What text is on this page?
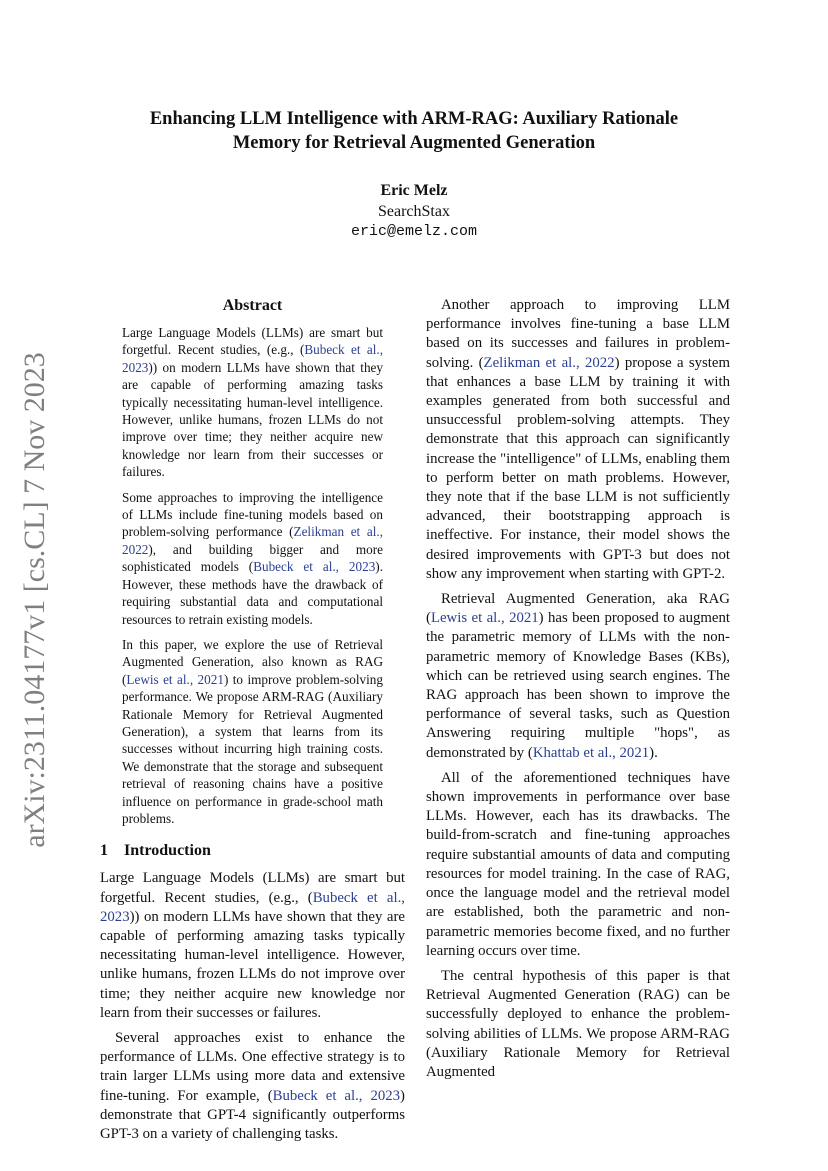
Enhancing LLM Intelligence with ARM-RAG: Auxiliary Rationale
Memory for Retrieval Augmented Generation
Eric Melz
SearchStax
eric@emelz.com
arXiv:2311.04177v1 [cs.CL] 7 Nov 2023
Abstract

Large Language Models (LLMs) are smart but forgetful. Recent studies, (e.g., (Bubeck et al., 2023)) on modern LLMs have shown that they are capable of performing amazing tasks typically necessitating human-level intelligence. However, unlike humans, frozen LLMs do not improve over time; they neither acquire new knowledge nor learn from their successes or failures.

Some approaches to improving the intelligence of LLMs include fine-tuning models based on problem-solving performance (Zelikman et al., 2022), and building bigger and more sophisticated models (Bubeck et al., 2023). However, these methods have the drawback of requiring substantial data and computational resources to retrain existing models.

In this paper, we explore the use of Retrieval Augmented Generation, also known as RAG (Lewis et al., 2021) to improve problem-solving performance. We propose ARM-RAG (Auxiliary Rationale Memory for Retrieval Augmented Generation), a system that learns from its successes without incurring high training costs. We demonstrate that the storage and subsequent retrieval of reasoning chains have a positive influence on performance in grade-school math problems.

1 Introduction

Large Language Models (LLMs) are smart but forgetful. Recent studies, (e.g., (Bubeck et al., 2023)) on modern LLMs have shown that they are capable of performing amazing tasks typically necessitating human-level intelligence. However, unlike humans, frozen LLMs do not improve over time; they neither acquire new knowledge nor learn from their successes or failures.

Several approaches exist to enhance the performance of LLMs. One effective strategy is to train larger LLMs using more data and extensive fine-tuning. For example, (Bubeck et al., 2023) demonstrate that GPT-4 significantly outperforms GPT-3 on a variety of challenging tasks.

Another approach to improving LLM performance involves fine-tuning a base LLM based on its successes and failures in problem-solving. (Zelikman et al., 2022) propose a system that enhances a base LLM by training it with examples generated from both successful and unsuccessful problem-solving attempts. They demonstrate that this approach can significantly increase the "intelligence" of LLMs, enabling them to perform better on math problems. However, they note that if the base LLM is not sufficiently advanced, their bootstrapping approach is ineffective. For instance, their model shows the desired improvements with GPT-3 but does not show any improvement when starting with GPT-2.

Retrieval Augmented Generation, aka RAG (Lewis et al., 2021) has been proposed to augment the parametric memory of LLMs with the non-parametric memory of Knowledge Bases (KBs), which can be retrieved using search engines. The RAG approach has been shown to improve the performance of several tasks, such as Question Answering requiring multiple "hops", as demonstrated by (Khattab et al., 2021).

All of the aforementioned techniques have shown improvements in performance over base LLMs. However, each has its drawbacks. The build-from-scratch and fine-tuning approaches require substantial amounts of data and computing resources for model training. In the case of RAG, once the language model and the retrieval model are established, both the parametric and non-parametric memories become fixed, and no further learning occurs over time.

The central hypothesis of this paper is that Retrieval Augmented Generation (RAG) can be successfully deployed to enhance the problem-solving abilities of LLMs. We propose ARM-RAG (Auxiliary Rationale Memory for Retrieval Augmented
